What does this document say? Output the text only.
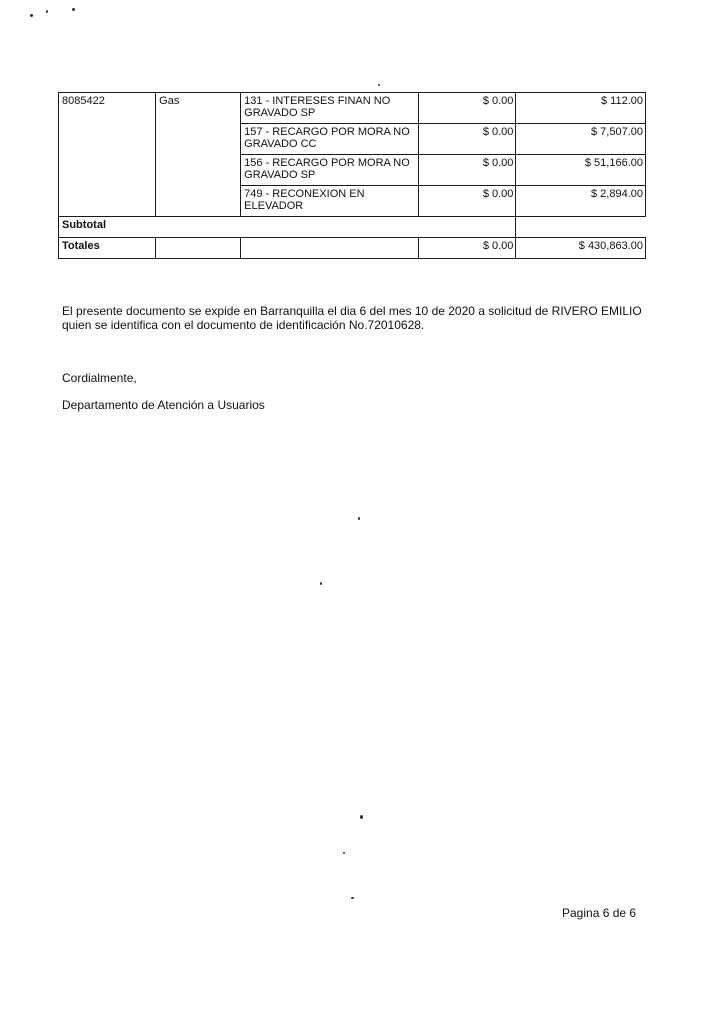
8085422	Gas	131 - INTERESES FINAN NO GRAVADO SP	$ 0.00	$ 112.00
		157 - RECARGO POR MORA NO GRAVADO CC	$ 0.00	$ 7,507.00
		156 - RECARGO POR MORA NO GRAVADO SP	$ 0.00	$ 51,166.00
		749 - RECONEXION EN ELEVADOR	$ 0.00	$ 2,894.00
Subtotal			
Totales			$ 0.00	$ 430,863.00

El presente documento se expide en Barranquilla el dia 6 del mes 10 de 2020 a solicitud de RIVERO EMILIO quien se identifica con el documento de identificación No.72010628.

Cordialmente,

Departamento de Atención a Usuarios

Pagina 6 de 6
